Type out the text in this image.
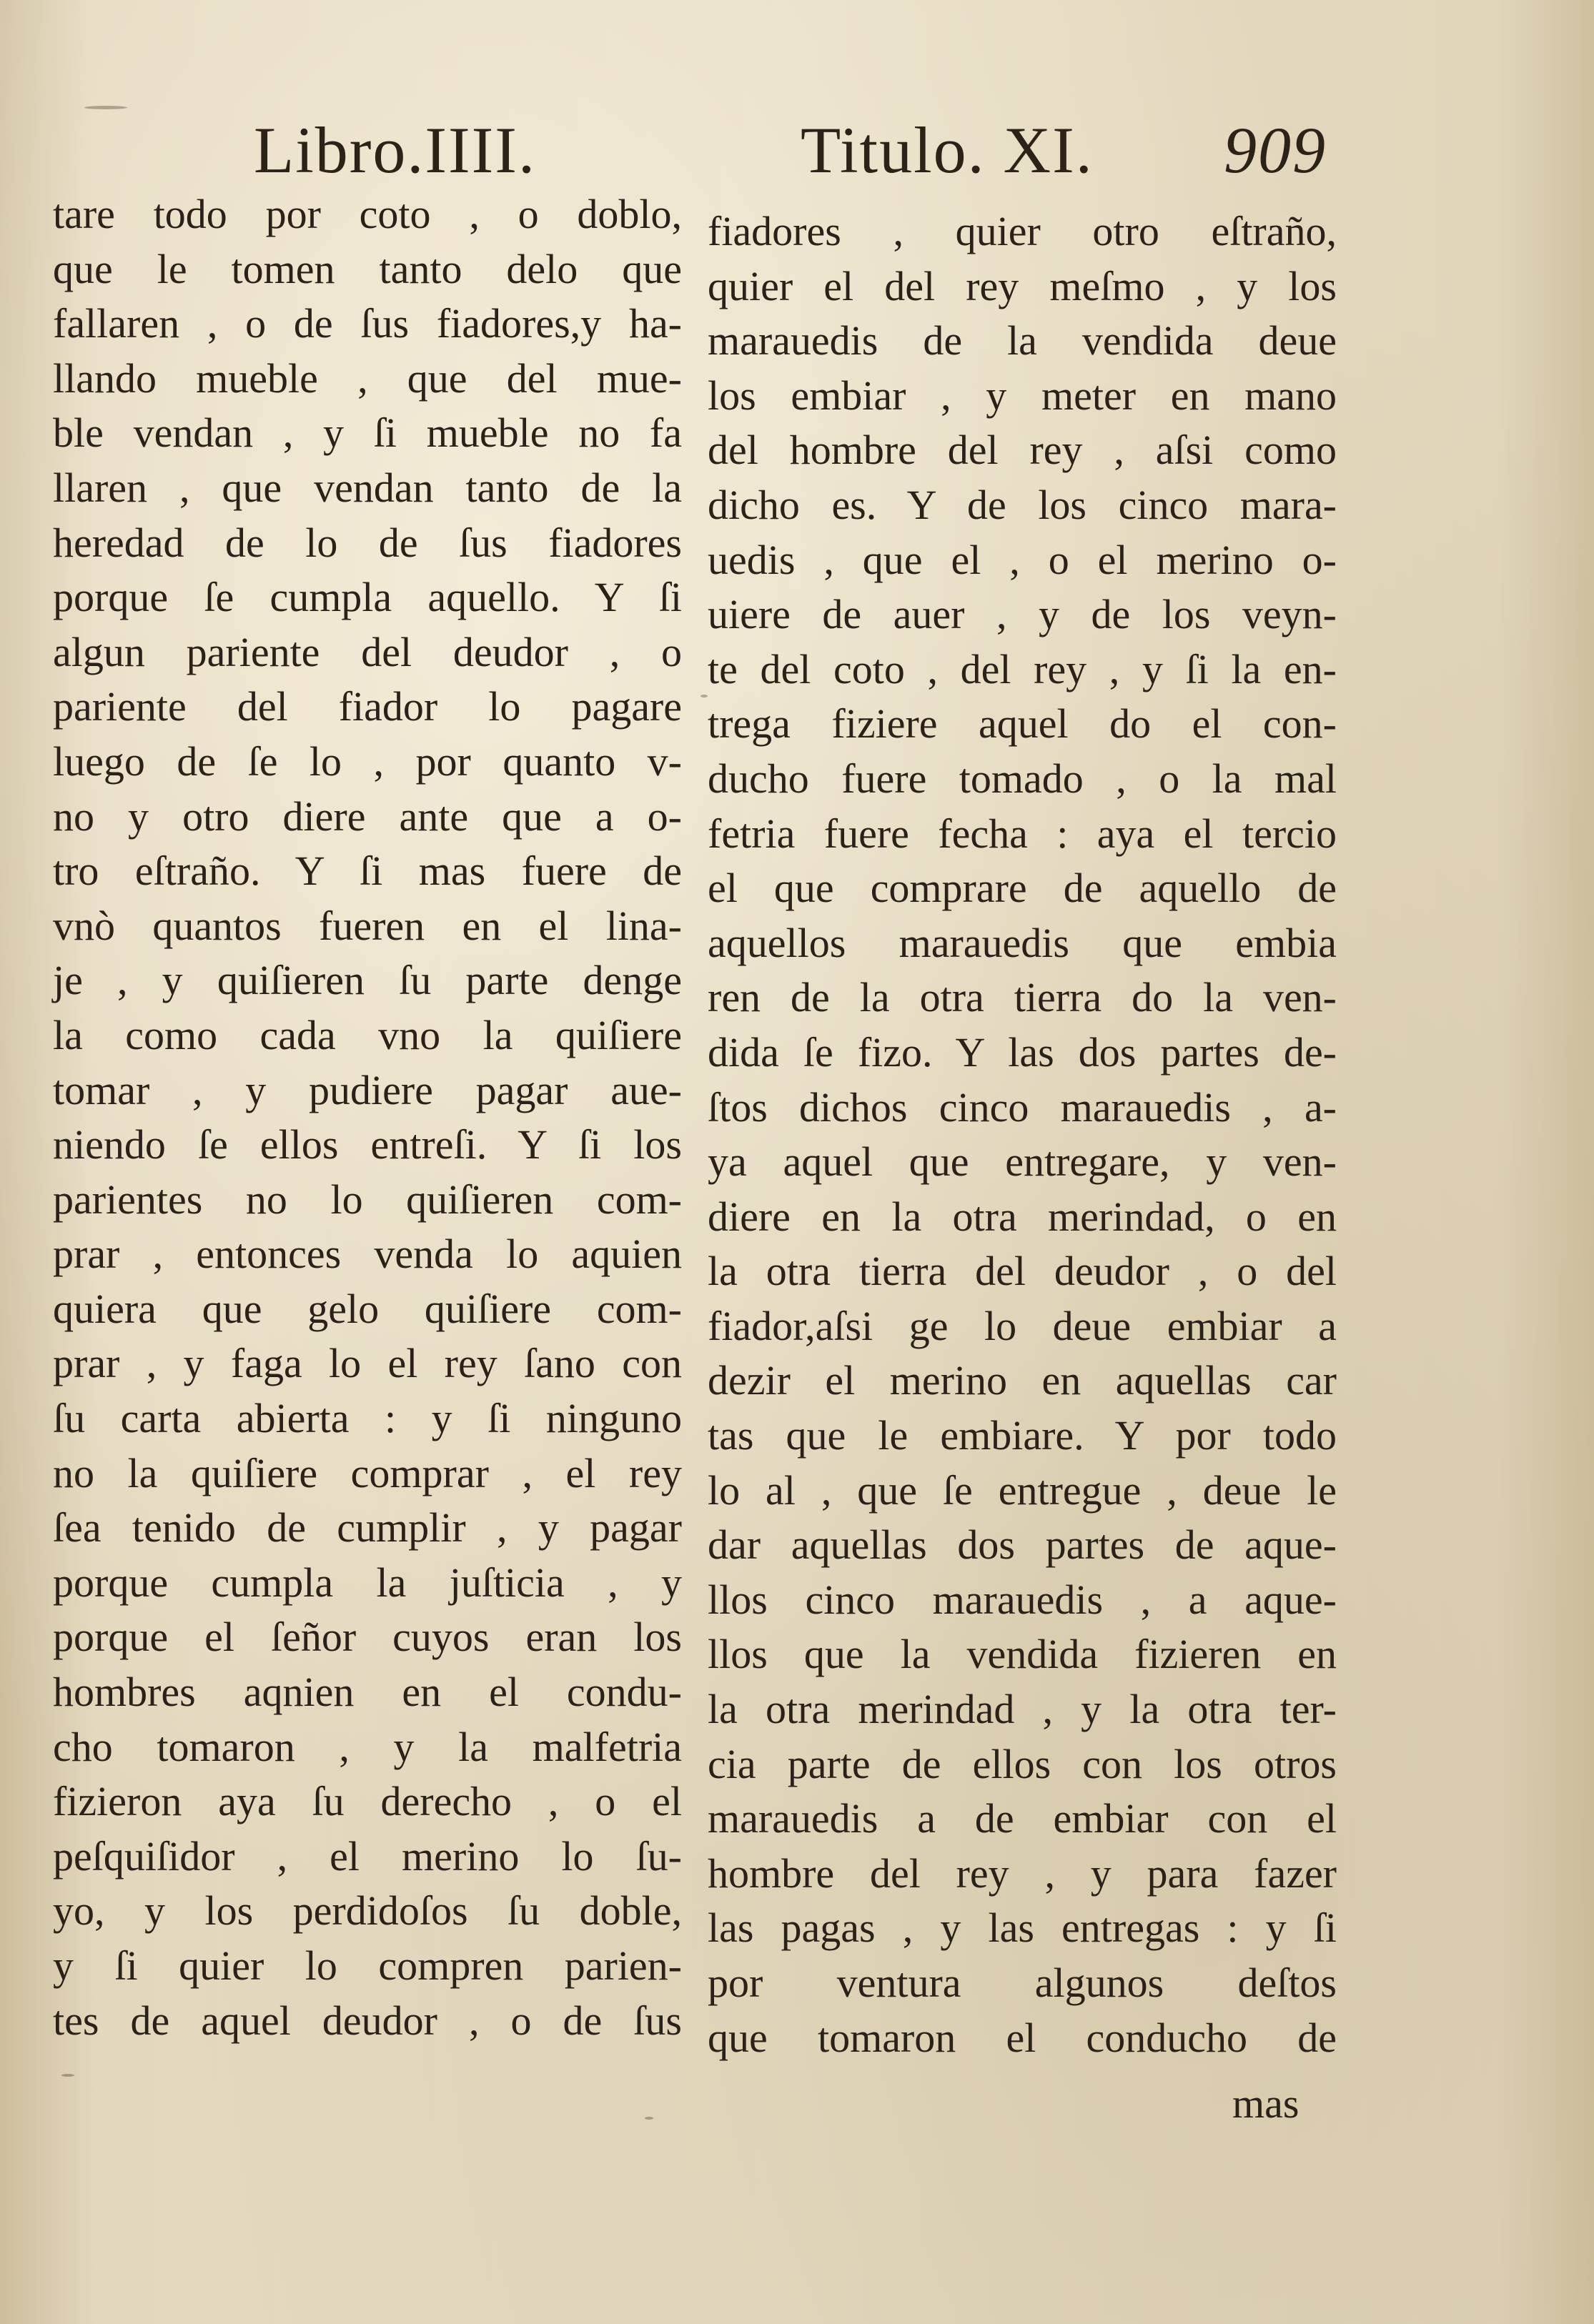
Libro.IIII.	Titulo. XI. 909
tare todo por coto , o doblo,
que le tomen tanto delo que
fallaren , o de ſus fiadores,y ha-
llando mueble , que del mue-
ble vendan , y ſi mueble no fa
llaren , que vendan tanto de la
heredad de lo de ſus fiadores
porque ſe cumpla aquello. Y ſi
algun pariente del deudor , o
pariente del fiador lo pagare
luego de ſe lo , por quanto v-
no y otro diere ante que a o-
tro eſtraño. Y ſi mas fuere de
vnò quantos fueren en el lina-
je , y quiſieren ſu parte denge
la como cada vno la quiſiere
tomar , y pudiere pagar aue-
niendo ſe ellos entreſi. Y ſi los
parientes no lo quiſieren com-
prar , entonces venda lo aquien
quiera que gelo quiſiere com-
prar , y faga lo el rey ſano con
ſu carta abierta : y ſi ninguno
no la quiſiere comprar , el rey
ſea tenido de cumplir , y pagar
porque cumpla la juſticia , y
porque el ſeñor cuyos eran los
hombres aqnien en el condu-
cho tomaron , y la malfetria
fizieron aya ſu derecho , o el
peſquiſidor , el merino lo ſu-
yo, y los perdidoſos ſu doble,
y ſi quier lo compren parien-
tes de aquel deudor , o de ſus
fiadores , quier otro eſtraño,
quier el del rey meſmo , y los
marauedis de la vendida deue
los embiar , y meter en mano
del hombre del rey , aſsi como
dicho es. Y de los cinco mara-
uedis , que el , o el merino o-
uiere de auer , y de los veyn-
te del coto , del rey , y ſi la en-
trega fiziere aquel do el con-
ducho fuere tomado , o la mal
fetria fuere fecha : aya el tercio
el que comprare de aquello de
aquellos marauedis que embia
ren de la otra tierra do la ven-
dida ſe fizo. Y las dos partes de-
ſtos dichos cinco marauedis , a-
ya aquel que entregare, y ven-
diere en la otra merindad, o en
la otra tierra del deudor , o del
fiador,aſsi ge lo deue embiar a
dezir el merino en aquellas car
tas que le embiare. Y por todo
lo al , que ſe entregue , deue le
dar aquellas dos partes de aque-
llos cinco marauedis , a aque-
llos que la vendida fizieren en
la otra merindad , y la otra ter-
cia parte de ellos con los otros
marauedis a de embiar con el
hombre del rey , y para fazer
las pagas , y las entregas : y ſi
por ventura algunos deſtos
que tomaron el conducho de
mas
